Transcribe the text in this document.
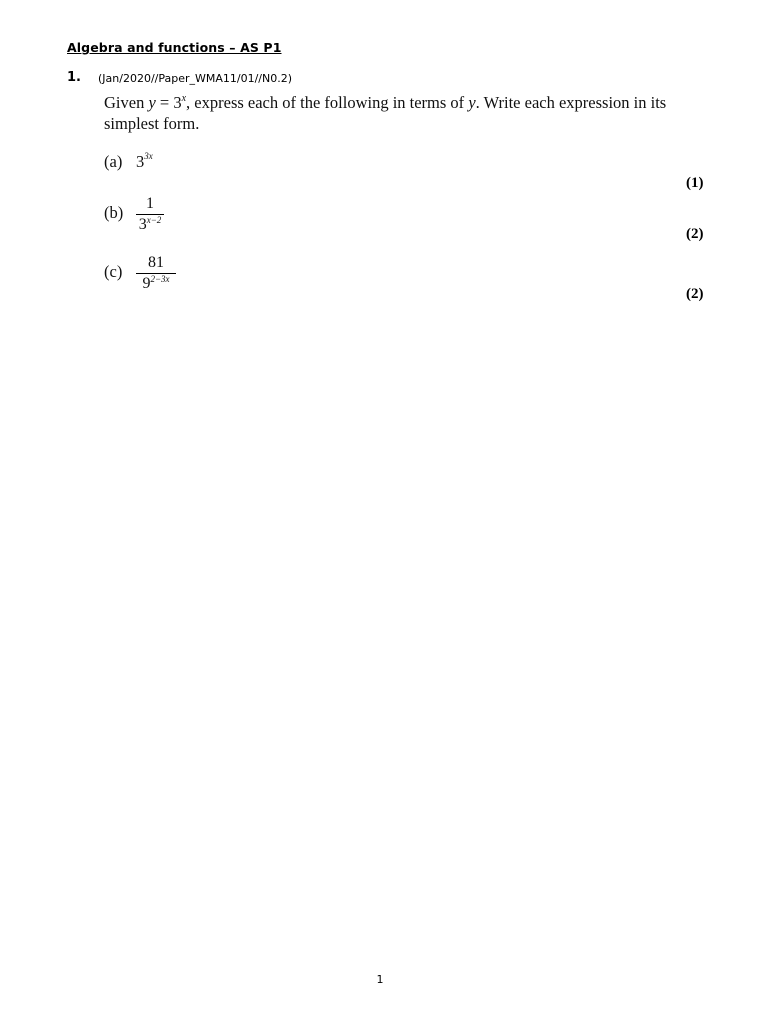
Algebra and functions – AS P1
1. (Jan/2020//Paper_WMA11/01//N0.2)
Given $y = 3^x$, express each of the following in terms of y. Write each expression in its
simplest form.
(a) $3^{3x}$
(1)
$(b) \frac{1}{3^{x-2}}$	(2)
$(c) \frac{81}{9^{2-3x}}$
(2)
1
